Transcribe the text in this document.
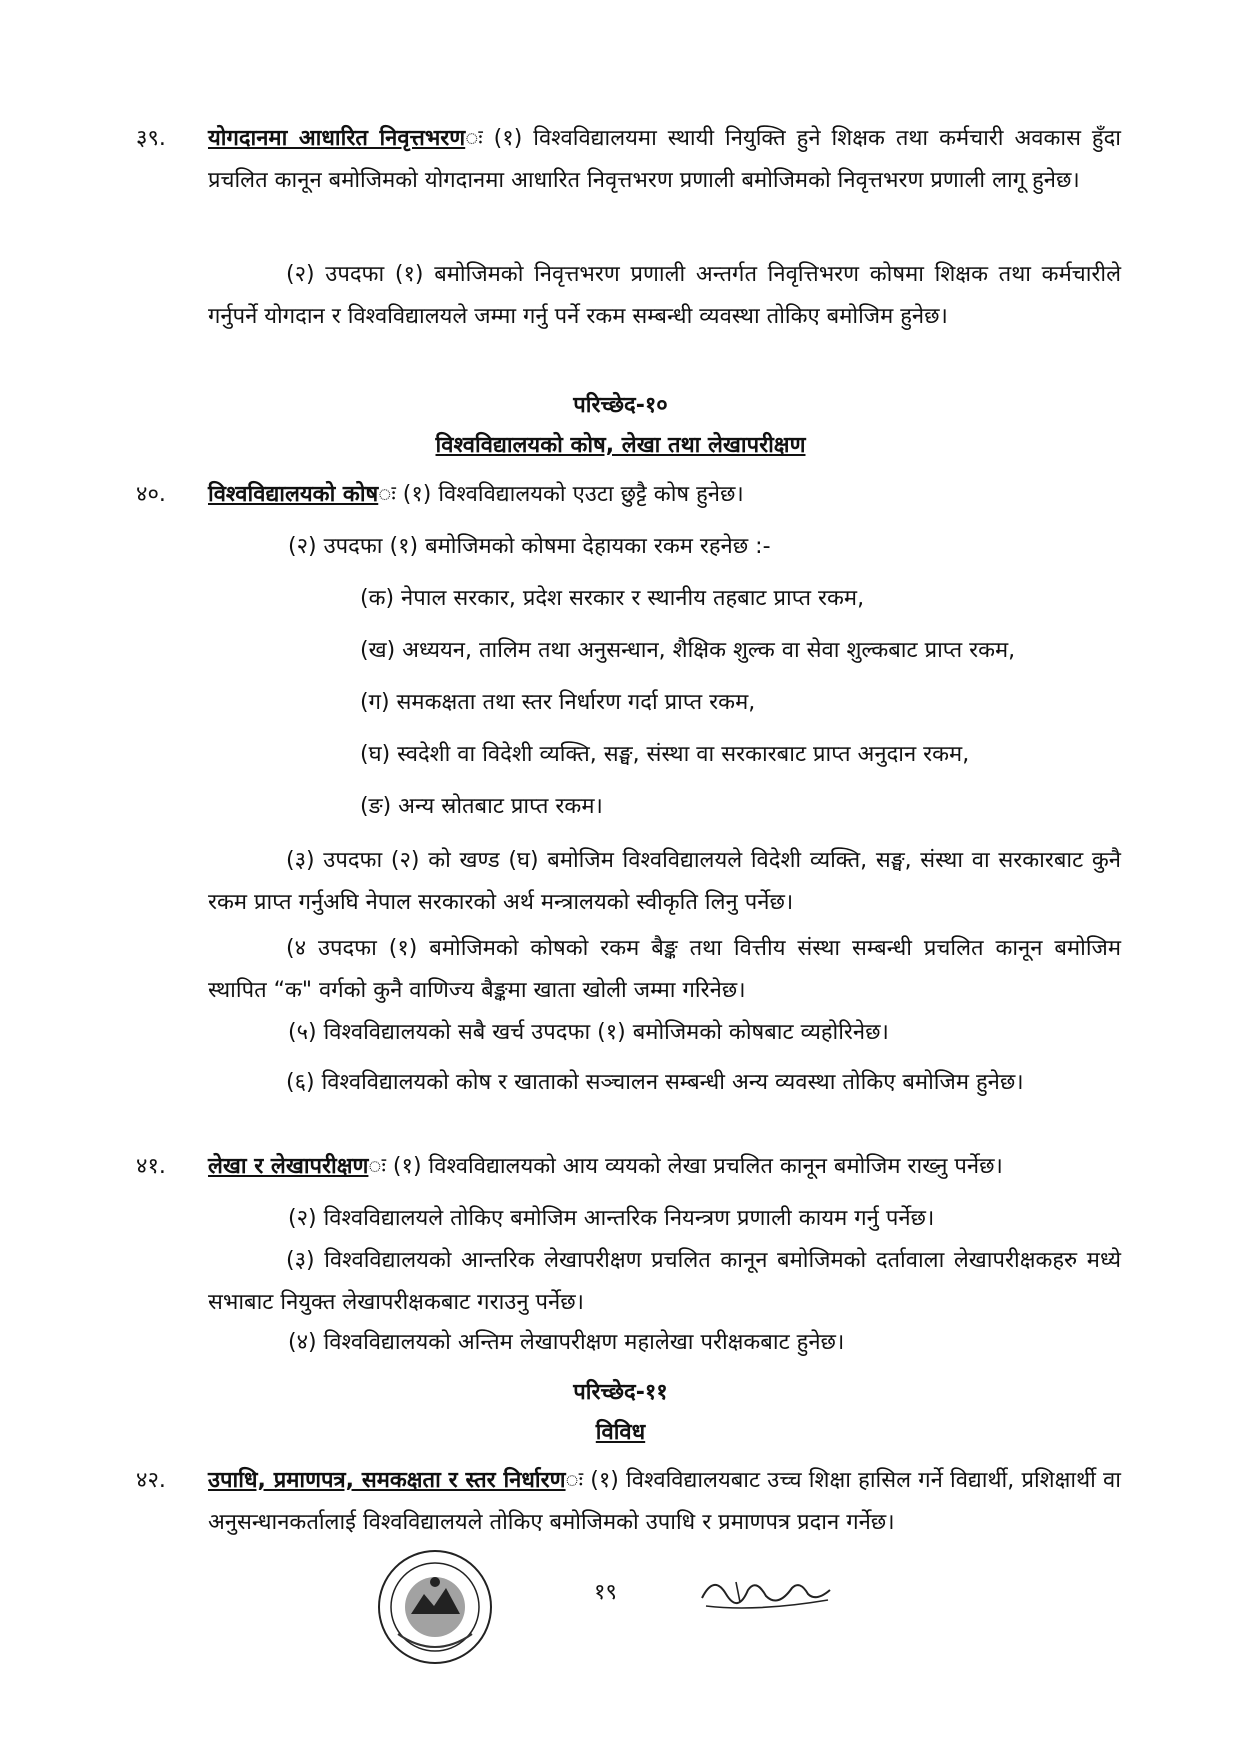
३९.	योगदानमा आधारित निवृत्तभरणः (१) विश्वविद्यालयमा स्थायी नियुक्ति हुने शिक्षक तथा कर्मचारी अवकास हुँदा प्रचलित कानून बमोजिमको योगदानमा आधारित निवृत्तभरण प्रणाली बमोजिमको निवृत्तभरण प्रणाली लागू हुनेछ।
(२) उपदफा (१) बमोजिमको निवृत्तभरण प्रणाली अन्तर्गत निवृत्तिभरण कोषमा शिक्षक तथा कर्मचारीले गर्नुपर्ने योगदान र विश्वविद्यालयले जम्मा गर्नु पर्ने रकम सम्बन्धी व्यवस्था तोकिए बमोजिम हुनेछ।
परिच्छेद-१०
विश्वविद्यालयको कोष, लेखा तथा लेखापरीक्षण
४०.	विश्वविद्यालयको कोषः (१) विश्वविद्यालयको एउटा छुट्टै कोष हुनेछ।
(२) उपदफा (१) बमोजिमको कोषमा देहायका रकम रहनेछ :-
(क) नेपाल सरकार, प्रदेश सरकार र स्थानीय तहबाट प्राप्त रकम,
(ख) अध्ययन, तालिम तथा अनुसन्धान, शैक्षिक शुल्क वा सेवा शुल्कबाट प्राप्त रकम,
(ग) समकक्षता तथा स्तर निर्धारण गर्दा प्राप्त रकम,
(घ) स्वदेशी वा विदेशी व्यक्ति, सङ्घ, संस्था वा सरकारबाट प्राप्त अनुदान रकम,
(ङ) अन्य स्रोतबाट प्राप्त रकम।
(३) उपदफा (२) को खण्ड (घ) बमोजिम विश्वविद्यालयले विदेशी व्यक्ति, सङ्घ, संस्था वा सरकारबाट कुनै रकम प्राप्त गर्नुअघि नेपाल सरकारको अर्थ मन्त्रालयको स्वीकृति लिनु पर्नेछ।
(४ उपदफा (१) बमोजिमको कोषको रकम बैङ्क तथा वित्तीय संस्था सम्बन्धी प्रचलित कानून बमोजिम स्थापित “क" वर्गको कुनै वाणिज्य बैङ्कमा खाता खोली जम्मा गरिनेछ।
(५) विश्वविद्यालयको सबै खर्च उपदफा (१) बमोजिमको कोषबाट व्यहोरिनेछ।
(६) विश्वविद्यालयको कोष र खाताको सञ्चालन सम्बन्धी अन्य व्यवस्था तोकिए बमोजिम हुनेछ।
४१.	लेखा र लेखापरीक्षणः (१) विश्वविद्यालयको आय व्ययको लेखा प्रचलित कानून बमोजिम राख्नु पर्नेछ।
(२) विश्वविद्यालयले तोकिए बमोजिम आन्तरिक नियन्त्रण प्रणाली कायम गर्नु पर्नेछ।
(३) विश्वविद्यालयको आन्तरिक लेखापरीक्षण प्रचलित कानून बमोजिमको दर्तावाला लेखापरीक्षकहरु मध्ये सभाबाट नियुक्त लेखापरीक्षकबाट गराउनु पर्नेछ।
(४) विश्वविद्यालयको अन्तिम लेखापरीक्षण महालेखा परीक्षकबाट हुनेछ।
परिच्छेद-११
विविध
४२.	उपाधि, प्रमाणपत्र, समकक्षता र स्तर निर्धारणः (१) विश्वविद्यालयबाट उच्च शिक्षा हासिल गर्ने विद्यार्थी, प्रशिक्षार्थी वा अनुसन्धानकर्तालाई विश्वविद्यालयले तोकिए बमोजिमको उपाधि र प्रमाणपत्र प्रदान गर्नेछ।
१९
